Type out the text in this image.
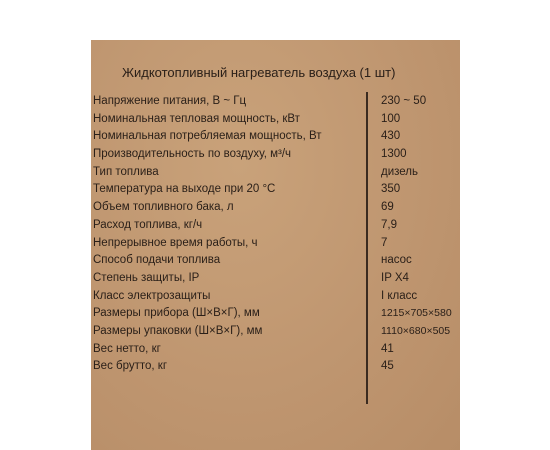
Жидкотопливный нагреватель воздуха (1 шт)
Напряжение питания, В ~ Гц	230 ~ 50
Номинальная тепловая мощность, кВт	100
Номинальная потребляемая мощность, Вт	430
Производительность по воздуху, м³/ч	1300
Тип топлива	дизель
Температура на выходе при 20 °С	350
Объем топливного бака, л	69
Расход топлива, кг/ч	7,9
Непрерывное время работы, ч	7
Способ подачи топлива	насос
Степень защиты, IP	IP X4
Класс электрозащиты	I класс
Размеры прибора (Ш×В×Г), мм	1215×705×580
Размеры упаковки (Ш×В×Г), мм	1110×680×505
Вес нетто, кг	41
Вес брутто, кг	45
